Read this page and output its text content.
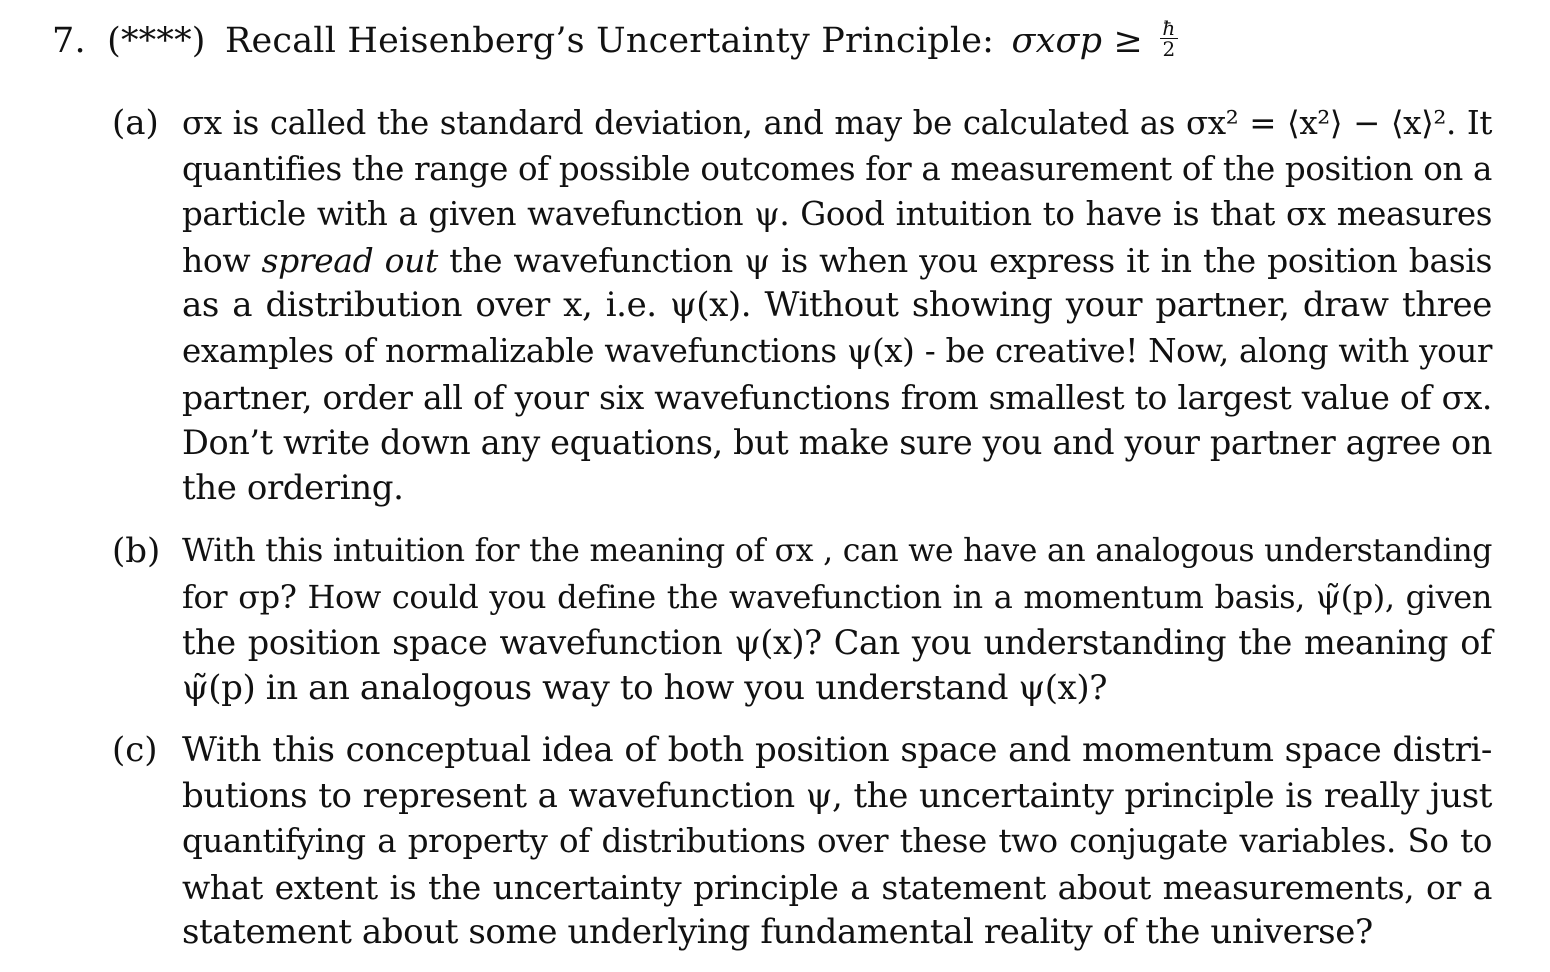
7. (****) Recall Heisenberg’s Uncertainty Principle: $\sigma x\sigma p \ge \frac{ħ}{2}$
(a) σx is called the standard deviation, and may be calculated as σx² = ⟨x²⟩ − ⟨x⟩². It
quantifies the range of possible outcomes for a measurement of the position on a
particle with a given wavefunction ψ. Good intuition to have is that σx measures
how spread out the wavefunction ψ is when you express it in the position basis
as a distribution over x, i.e. ψ(x). Without showing your partner, draw three
examples of normalizable wavefunctions ψ(x) - be creative! Now, along with your
partner, order all of your six wavefunctions from smallest to largest value of σx.
Don’t write down any equations, but make sure you and your partner agree on
the ordering.
(b) With this intuition for the meaning of σx , can we have an analogous understanding
for σp? How could you define the wavefunction in a momentum basis, ψ̃(p), given
the position space wavefunction ψ(x)? Can you understanding the meaning of
ψ̃(p) in an analogous way to how you understand ψ(x)?
(c) With this conceptual idea of both position space and momentum space distri-
butions to represent a wavefunction ψ, the uncertainty principle is really just
quantifying a property of distributions over these two conjugate variables. So to
what extent is the uncertainty principle a statement about measurements, or a
statement about some underlying fundamental reality of the universe?
